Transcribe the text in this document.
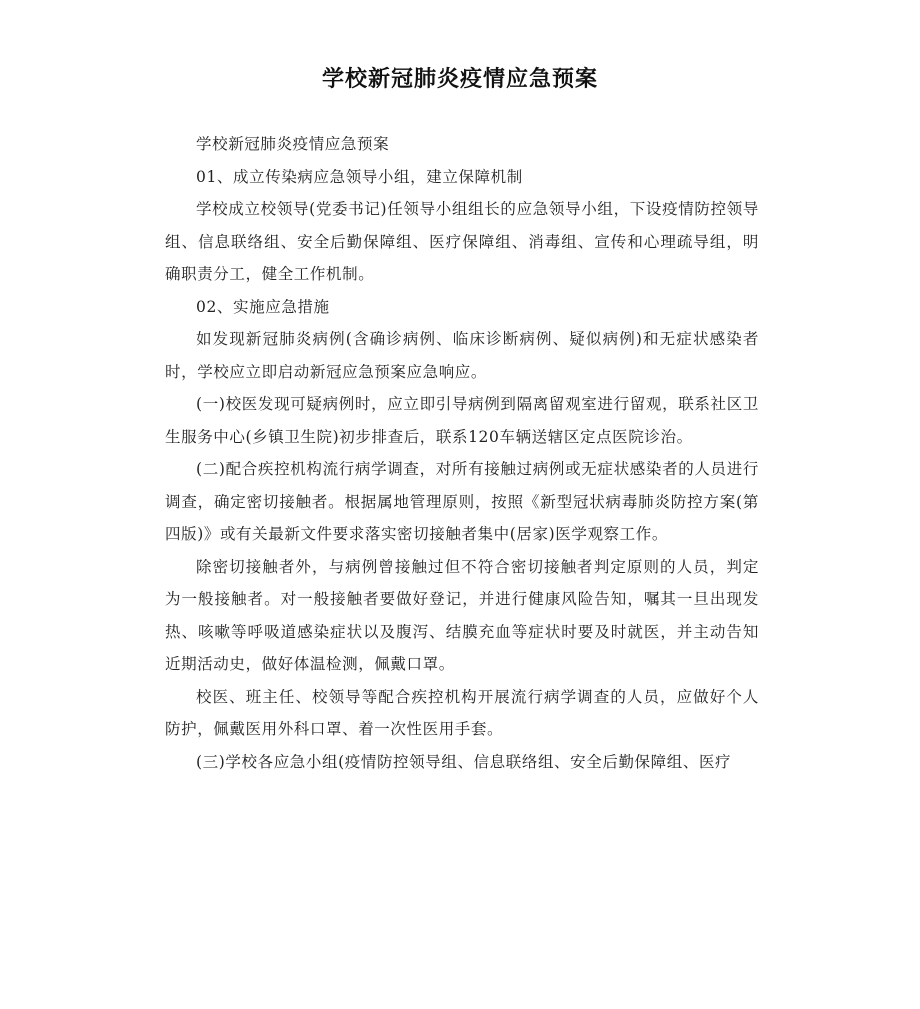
学校新冠肺炎疫情应急预案

学校新冠肺炎疫情应急预案

01、成立传染病应急领导小组，建立保障机制

学校成立校领导(党委书记)任领导小组组长的应急领导小组，下设疫情防控领导组、信息联络组、安全后勤保障组、医疗保障组、消毒组、宣传和心理疏导组，明确职责分工，健全工作机制。

02、实施应急措施

如发现新冠肺炎病例(含确诊病例、临床诊断病例、疑似病例)和无症状感染者时，学校应立即启动新冠应急预案应急响应。

(一)校医发现可疑病例时，应立即引导病例到隔离留观室进行留观，联系社区卫生服务中心(乡镇卫生院)初步排查后，联系120车辆送辖区定点医院诊治。

(二)配合疾控机构流行病学调查，对所有接触过病例或无症状感染者的人员进行调查，确定密切接触者。根据属地管理原则，按照《新型冠状病毒肺炎防控方案(第四版)》或有关最新文件要求落实密切接触者集中(居家)医学观察工作。

除密切接触者外，与病例曾接触过但不符合密切接触者判定原则的人员，判定为一般接触者。对一般接触者要做好登记，并进行健康风险告知，嘱其一旦出现发热、咳嗽等呼吸道感染症状以及腹泻、结膜充血等症状时要及时就医，并主动告知近期活动史，做好体温检测，佩戴口罩。

校医、班主任、校领导等配合疾控机构开展流行病学调查的人员，应做好个人防护，佩戴医用外科口罩、着一次性医用手套。

(三)学校各应急小组(疫情防控领导组、信息联络组、安全后勤保障组、医疗
